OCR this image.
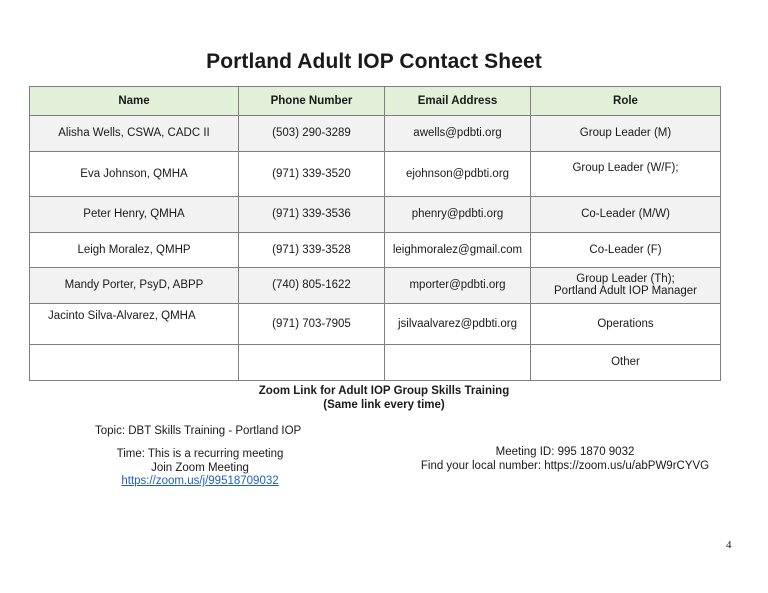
Portland Adult IOP Contact Sheet
Name	Phone Number	Email Address	Role
Alisha Wells, CSWA, CADC II	(503) 290-3289	awells@pdbti.org	Group Leader (M)
Eva Johnson, QMHA	(971) 339-3520	ejohnson@pdbti.org	Group Leader (W/F);
Peter Henry, QMHA	(971) 339-3536	phenry@pdbti.org	Co-Leader (M/W)
Leigh Moralez, QMHP	(971) 339-3528	leighmoralez@gmail.com	Co-Leader (F)
Mandy Porter, PsyD, ABPP	(740) 805-1622	mporter@pdbti.org	Group Leader (Th);
Portland Adult IOP Manager

Jacinto Silva-Alvarez, QMHA	(971) 703-7905	jsilvaalvarez@pdbti.org	Operations
			Other
Zoom Link for Adult IOP Group Skills Training
(Same link every time)
Topic: DBT Skills Training - Portland IOP
Time: This is a recurring meeting
Join Zoom Meeting
https://zoom.us/j/99518709032
Meeting ID: 995 1870 9032
Find your local number: https://zoom.us/u/abPW9rCYVG
4
